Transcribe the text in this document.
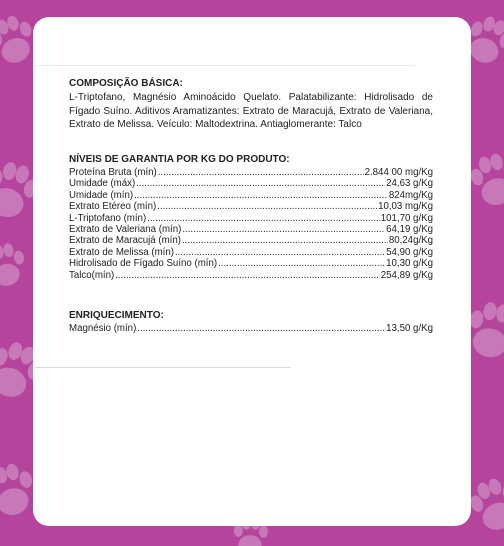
COMPOSIÇÃO BÁSICA:

L-Triptofano, Magnésio Aminoácido Quelato. Palatabilizante: Hidrolisado de Fígado Suíno. Aditivos Aramatizantes: Extrato de Maracujá, Extrato de Valeriana, Extrato de Melissa. Veículo: Maltodextrina. Antiaglomerante: Talco

NÍVEIS DE GARANTIA POR KG DO PRODUTO:

Proteína Bruta (mín) .....	2.844 00 mg/Kg
Umidade (máx) .....	24,63 g/Kg
Umidade (mín) .....	824mg/Kg
Extrato Etéreo (mín) .....	10,03 mg/Kg
L-Triptofano (mín) .....	101,70 g/Kg
Extrato de Valeriana (mín) .....	64,19 g/Kg
Extrato de Maracujá (mín) .....	80,24g/Kg
Extrato de Melissa (mín) .....	54,90 g/Kg
Hidrolisado de Fígado Suíno (mín) .....	10,30 g/Kg
Talco(mín) .....	254,89 g/Kg

ENRIQUECIMENTO:

Magnésio (mín) .....	13,50 g/Kg
